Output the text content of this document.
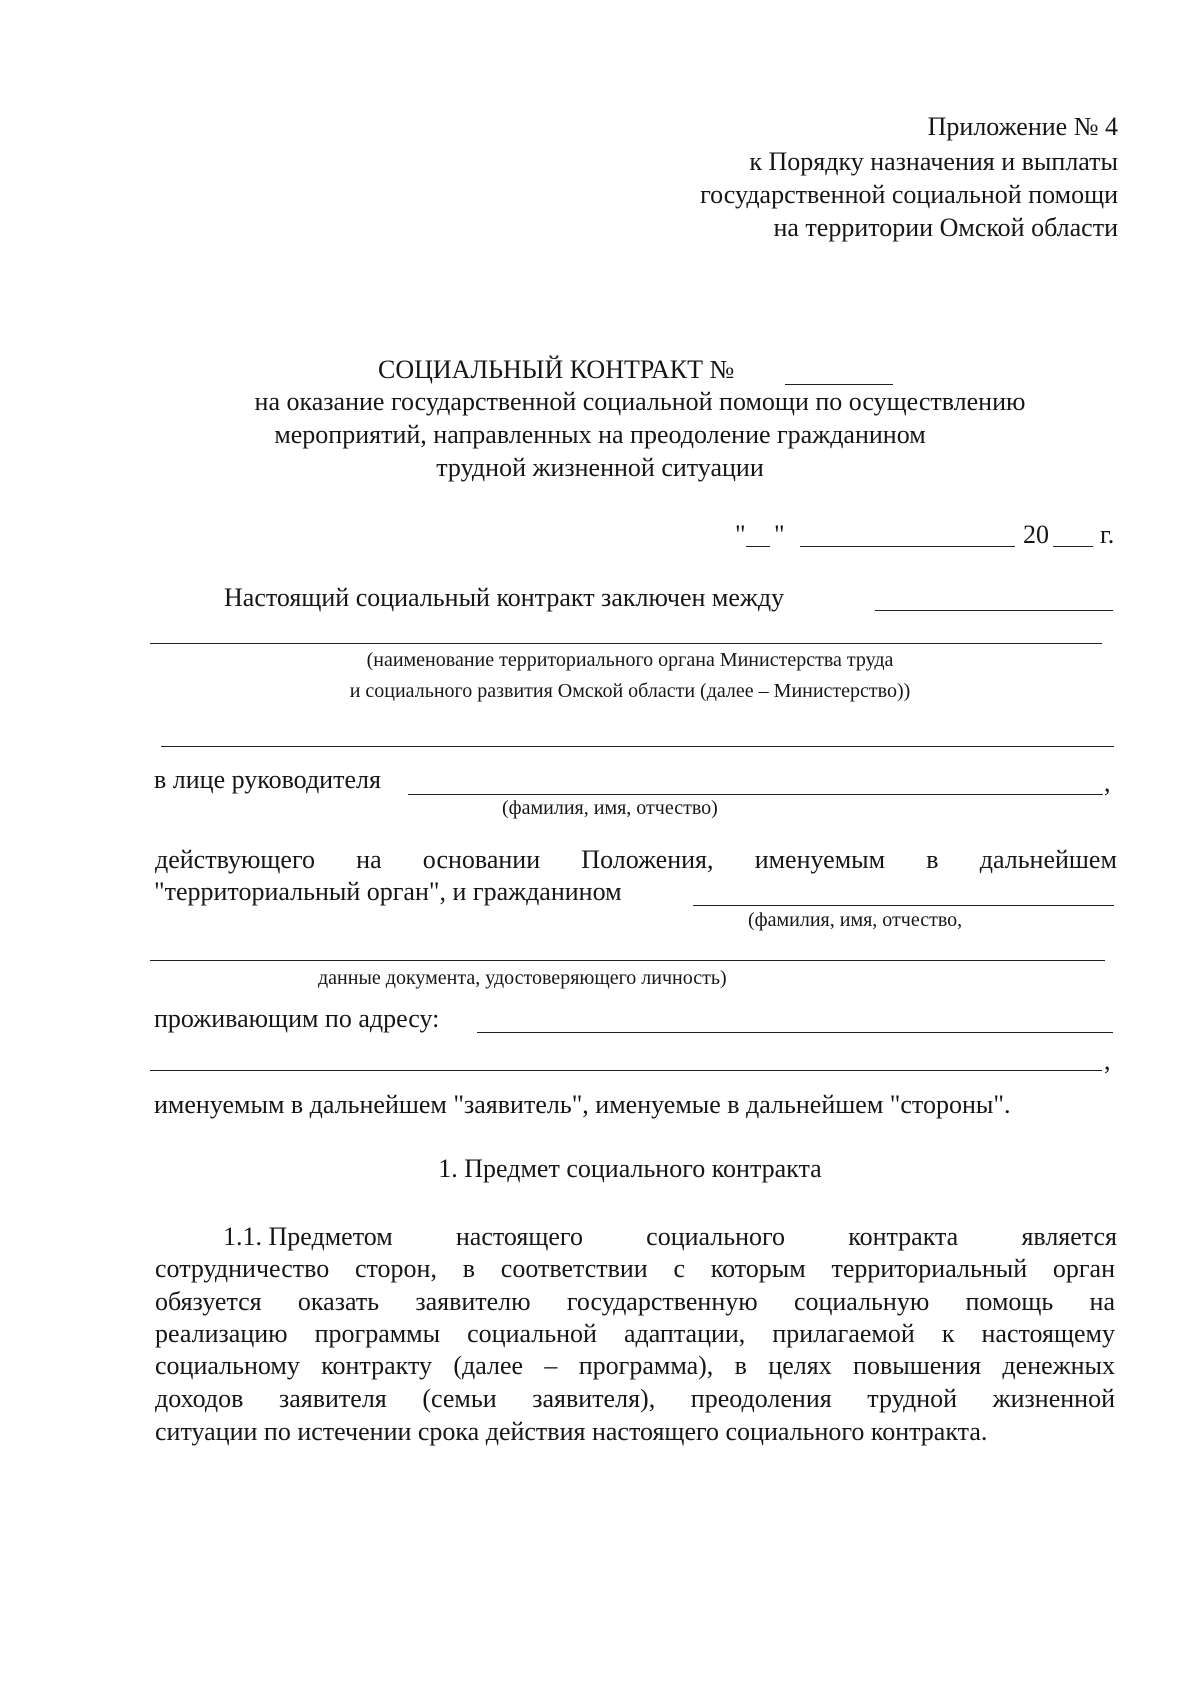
Приложение № 4
к Порядку назначения и выплаты
государственной социальной помощи
на территории Омской области
СОЦИАЛЬНЫЙ КОНТРАКТ №
на оказание государственной социальной помощи по осуществлению
мероприятий, направленных на преодоление гражданином
трудной жизненной ситуации
" "	20 г.
Настоящий социальный контракт заключен между
(наименование территориального органа Министерства труда
и социального развития Омской области (далее – Министерство))
в лице руководителя	,
(фамилия, имя, отчество)
действующего на основании Положения, именуемым в дальнейшем
"территориальный орган", и гражданином
(фамилия, имя, отчество,
данные документа, удостоверяющего личность)
проживающим по адресу:
,
именуемым в дальнейшем "заявитель", именуемые в дальнейшем "стороны".
1. Предмет социального контракта
1.1. Предметом настоящего социального контракта является
сотрудничество сторон, в соответствии с которым территориальный орган
обязуется оказать заявителю государственную социальную помощь на
реализацию программы социальной адаптации, прилагаемой к настоящему
социальному контракту (далее – программа), в целях повышения денежных
доходов заявителя (семьи заявителя), преодоления трудной жизненной
ситуации по истечении срока действия настоящего социального контракта.
